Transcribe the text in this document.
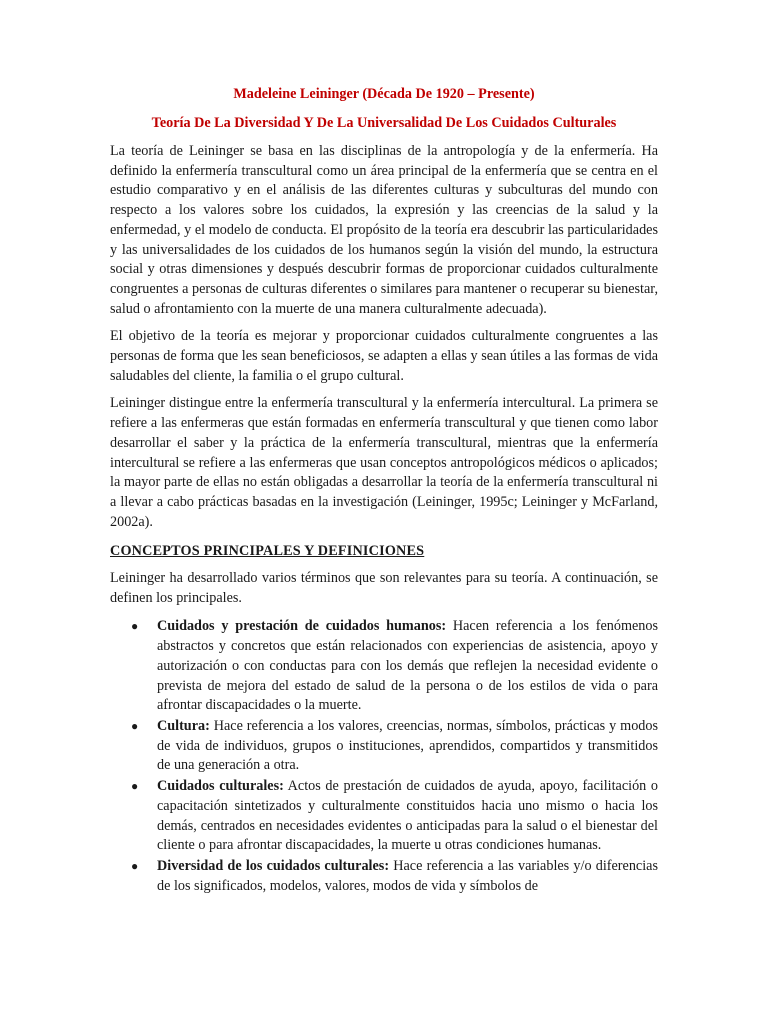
Madeleine Leininger (Década De 1920 – Presente)
Teoría De La Diversidad Y De La Universalidad De Los Cuidados Culturales

La teoría de Leininger se basa en las disciplinas de la antropología y de la enfermería. Ha definido la enfermería transcultural como un área principal de la enfermería que se centra en el estudio comparativo y en el análisis de las diferentes culturas y subculturas del mundo con respecto a los valores sobre los cuidados, la expresión y las creencias de la salud y la enfermedad, y el modelo de conducta. El propósito de la teoría era descubrir las particularidades y las universalidades de los cuidados de los humanos según la visión del mundo, la estructura social y otras dimensiones y después descubrir formas de proporcionar cuidados culturalmente congruentes a personas de culturas diferentes o similares para mantener o recuperar su bienestar, salud o afrontamiento con la muerte de una manera culturalmente adecuada).

El objetivo de la teoría es mejorar y proporcionar cuidados culturalmente congruentes a las personas de forma que les sean beneficiosos, se adapten a ellas y sean útiles a las formas de vida saludables del cliente, la familia o el grupo cultural.

Leininger distingue entre la enfermería transcultural y la enfermería intercultural. La primera se refiere a las enfermeras que están formadas en enfermería transcultural y que tienen como labor desarrollar el saber y la práctica de la enfermería transcultural, mientras que la enfermería intercultural se refiere a las enfermeras que usan conceptos antropológicos médicos o aplicados; la mayor parte de ellas no están obligadas a desarrollar la teoría de la enfermería transcultural ni a llevar a cabo prácticas basadas en la investigación (Leininger, 1995c; Leininger y McFarland, 2002a).

CONCEPTOS PRINCIPALES Y DEFINICIONES

Leininger ha desarrollado varios términos que son relevantes para su teoría. A continuación, se definen los principales.

● Cuidados y prestación de cuidados humanos: Hacen referencia a los fenómenos abstractos y concretos que están relacionados con experiencias de asistencia, apoyo y autorización o con conductas para con los demás que reflejen la necesidad evidente o prevista de mejora del estado de salud de la persona o de los estilos de vida o para afrontar discapacidades o la muerte.
● Cultura: Hace referencia a los valores, creencias, normas, símbolos, prácticas y modos de vida de individuos, grupos o instituciones, aprendidos, compartidos y transmitidos de una generación a otra.
● Cuidados culturales: Actos de prestación de cuidados de ayuda, apoyo, facilitación o capacitación sintetizados y culturalmente constituidos hacia uno mismo o hacia los demás, centrados en necesidades evidentes o anticipadas para la salud o el bienestar del cliente o para afrontar discapacidades, la muerte u otras condiciones humanas.
● Diversidad de los cuidados culturales: Hace referencia a las variables y/o diferencias de los significados, modelos, valores, modos de vida y símbolos de
